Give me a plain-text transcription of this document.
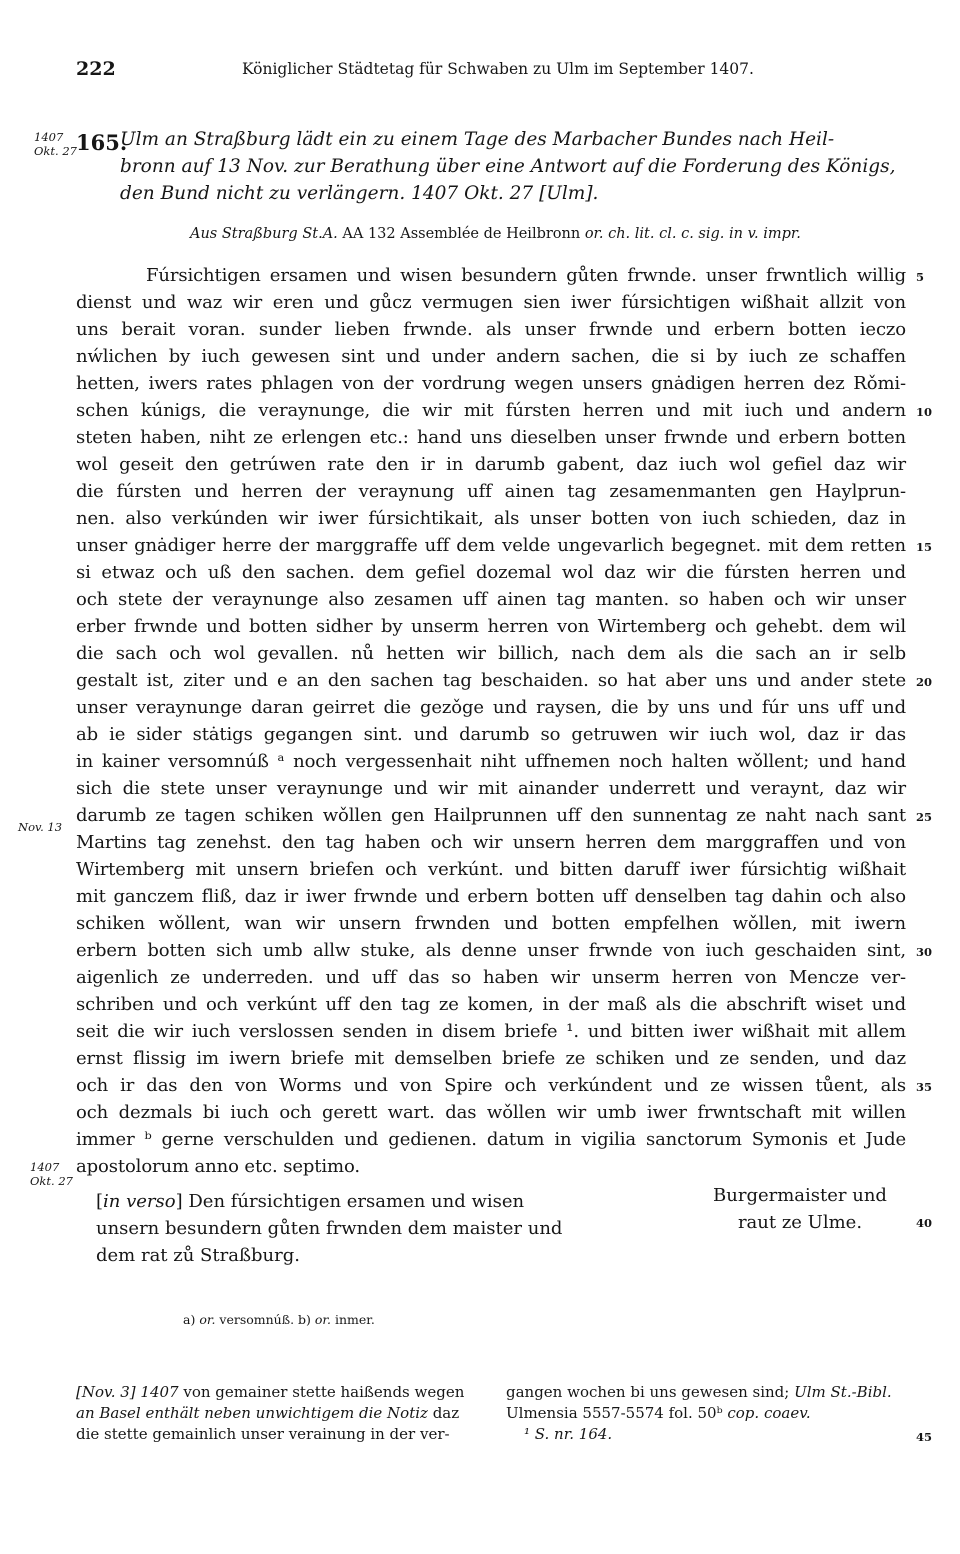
222	Königlicher Städtetag für Schwaben zu Ulm im September 1407.
1407
Okt. 27 165.
Ulm an Straßburg lädt ein zu einem Tage des Marbacher Bundes nach Heil-
bronn auf 13 Nov. zur Berathung über eine Antwort auf die Forderung des Königs,
den Bund nicht zu verlängern. 1407 Okt. 27 [Ulm].
Aus Straßburg St.A. AA 132 Assemblée de Heilbronn or. ch. lit. cl. c. sig. in v. impr.
Fúrsichtigen ersamen und wisen besundern gůten frwnde. unser frwntlich willig
dienst und waz wir eren und gůcz vermugen sien iwer fúrsichtigen wißhait allzit von
uns berait voran. sunder lieben frwnde. als unser frwnde und erbern botten ieczo
nẃlichen by iuch gewesen sint und under andern sachen, die si by iuch ze schaffen
hetten, iwers rates phlagen von der vordrung wegen unsers gnȧdigen herren dez Rǒmi-
schen kúnigs, die veraynunge, die wir mit fúrsten herren und mit iuch und andern
steten haben, niht ze erlengen etc.: hand uns dieselben unser frwnde und erbern botten
wol geseit den getrúwen rate den ir in darumb gabent, daz iuch wol gefiel daz wir
die fúrsten und herren der veraynung uff ainen tag zesamenmanten gen Haylprun-
nen. also verkúnden wir iwer fúrsichtikait, als unser botten von iuch schieden, daz in
unser gnȧdiger herre der marggraffe uff dem velde ungevarlich begegnet. mit dem retten
si etwaz och uß den sachen. dem gefiel dozemal wol daz wir die fúrsten herren und
och stete der veraynunge also zesamen uff ainen tag manten. so haben och wir unser
erber frwnde und botten sidher by unserm herren von Wirtemberg och gehebt. dem wil
die sach och wol gevallen. nů hetten wir billich, nach dem als die sach an ir selb
gestalt ist, ziter und e an den sachen tag beschaiden. so hat aber uns und ander stete
unser veraynunge daran geirret die gezǒge und raysen, die by uns und fúr uns uff und
ab ie sider stȧtigs gegangen sint. und darumb so getruwen wir iuch wol, daz ir das
in kainer versomnúß ᵃ noch vergessenhait niht uffnemen noch halten wǒllent; und hand
sich die stete unser veraynunge und wir mit ainander underrett und veraynt, daz wir
darumb ze tagen schiken wǒllen gen Hailprunnen uff den sunnentag ze naht nach sant
Martins tag zenehst. den tag haben och wir unsern herren dem marggraffen und von
Wirtemberg mit unsern briefen och verkúnt. und bitten daruff iwer fúrsichtig wißhait
mit ganczem fliß, daz ir iwer frwnde und erbern botten uff denselben tag dahin och also
schiken wǒllent, wan wir unsern frwnden und botten empfelhen wǒllen, mit iwern
erbern botten sich umb allw stuke, als denne unser frwnde von iuch geschaiden sint,
aigenlich ze underreden. und uff das so haben wir unserm herren von Mencze ver-
schriben und och verkúnt uff den tag ze komen, in der maß als die abschrift wiset und
seit die wir iuch verslossen senden in disem briefe ¹. und bitten iwer wißhait mit allem
ernst flissig im iwern briefe mit demselben briefe ze schiken und ze senden, und daz
och ir das den von Worms und von Spire och verkúndent und ze wissen tůent, als
och dezmals bi iuch och gerett wart. das wǒllen wir umb iwer frwntschaft mit willen
immer ᵇ gerne verschulden und gedienen. datum in vigilia sanctorum Symonis et Jude
apostolorum anno etc. septimo.
Nov. 13
1407
Okt. 27
5
10
15
20
25
30
35
40
45
[in verso] Den fúrsichtigen ersamen und wisen
unsern besundern gůten frwnden dem maister und
dem rat zů Straßburg.
Burgermaister und
raut ze Ulme.
a) or. versomnúß. b) or. inmer.
[Nov. 3] 1407 von gemainer stette haißends wegen
an Basel enthält neben unwichtigem die Notiz daz
die stette gemainlich unser verainung in der ver-
gangen wochen bi uns gewesen sind; Ulm St.-Bibl.
Ulmensia 5557-5574 fol. 50ᵇ cop. coaev.
¹ S. nr. 164.
